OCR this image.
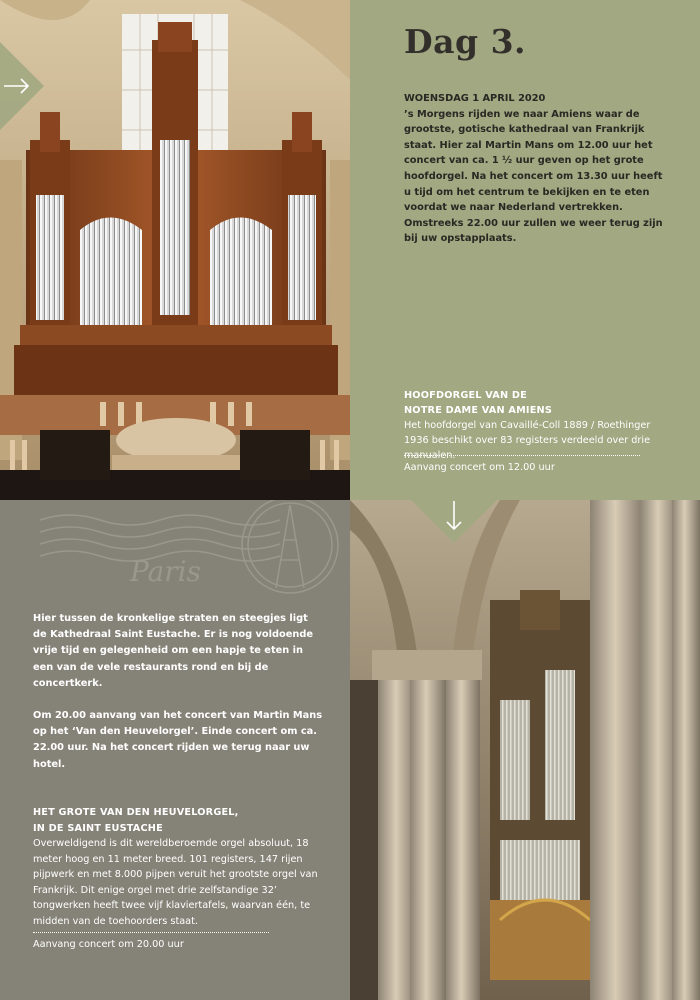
Dag 3.
WOENSDAG 1 APRIL 2020
’s Morgens rijden we naar Amiens waar de grootste, gotische kathedraal van Frankrijk staat. Hier zal Martin Mans om 12.00 uur het concert van ca. 1 ½ uur geven op het grote hoofdorgel. Na het concert om 13.30 uur heeft u tijd om het centrum te bekijken en te eten voordat we naar Nederland vertrekken. Omstreeks 22.00 uur zullen we weer terug zijn bij uw opstapplaats.
HOOFDORGEL VAN DE
NOTRE DAME VAN AMIENS
Het hoofdorgel van Cavaillé-Coll 1889 / Roethinger 1936 beschikt over 83 registers verdeeld over drie manualen.
Aanvang concert om 12.00 uur
Paris

Hier tussen de kronkelige straten en steegjes ligt de Kathedraal Saint Eustache. Er is nog voldoende vrije tijd en gelegenheid om een hapje te eten in een van de vele restaurants rond en bij de concertkerk.

Om 20.00 aanvang van het concert van Martin Mans op het ‘Van den Heuvelorgel’. Einde concert om ca. 22.00 uur. Na het concert rijden we terug naar uw hotel.

HET GROTE VAN DEN HEUVELORGEL,
IN DE SAINT EUSTACHE
Overweldigend is dit wereldberoemde orgel absoluut, 18 meter hoog en 11 meter breed. 101 registers, 147 rijen pijpwerk en met 8.000 pijpen veruit het grootste orgel van Frankrijk. Dit enige orgel met drie zelfstandige 32’ tongwerken heeft twee vijf klaviertafels, waarvan één, te midden van de toehoorders staat.
Aanvang concert om 20.00 uur
